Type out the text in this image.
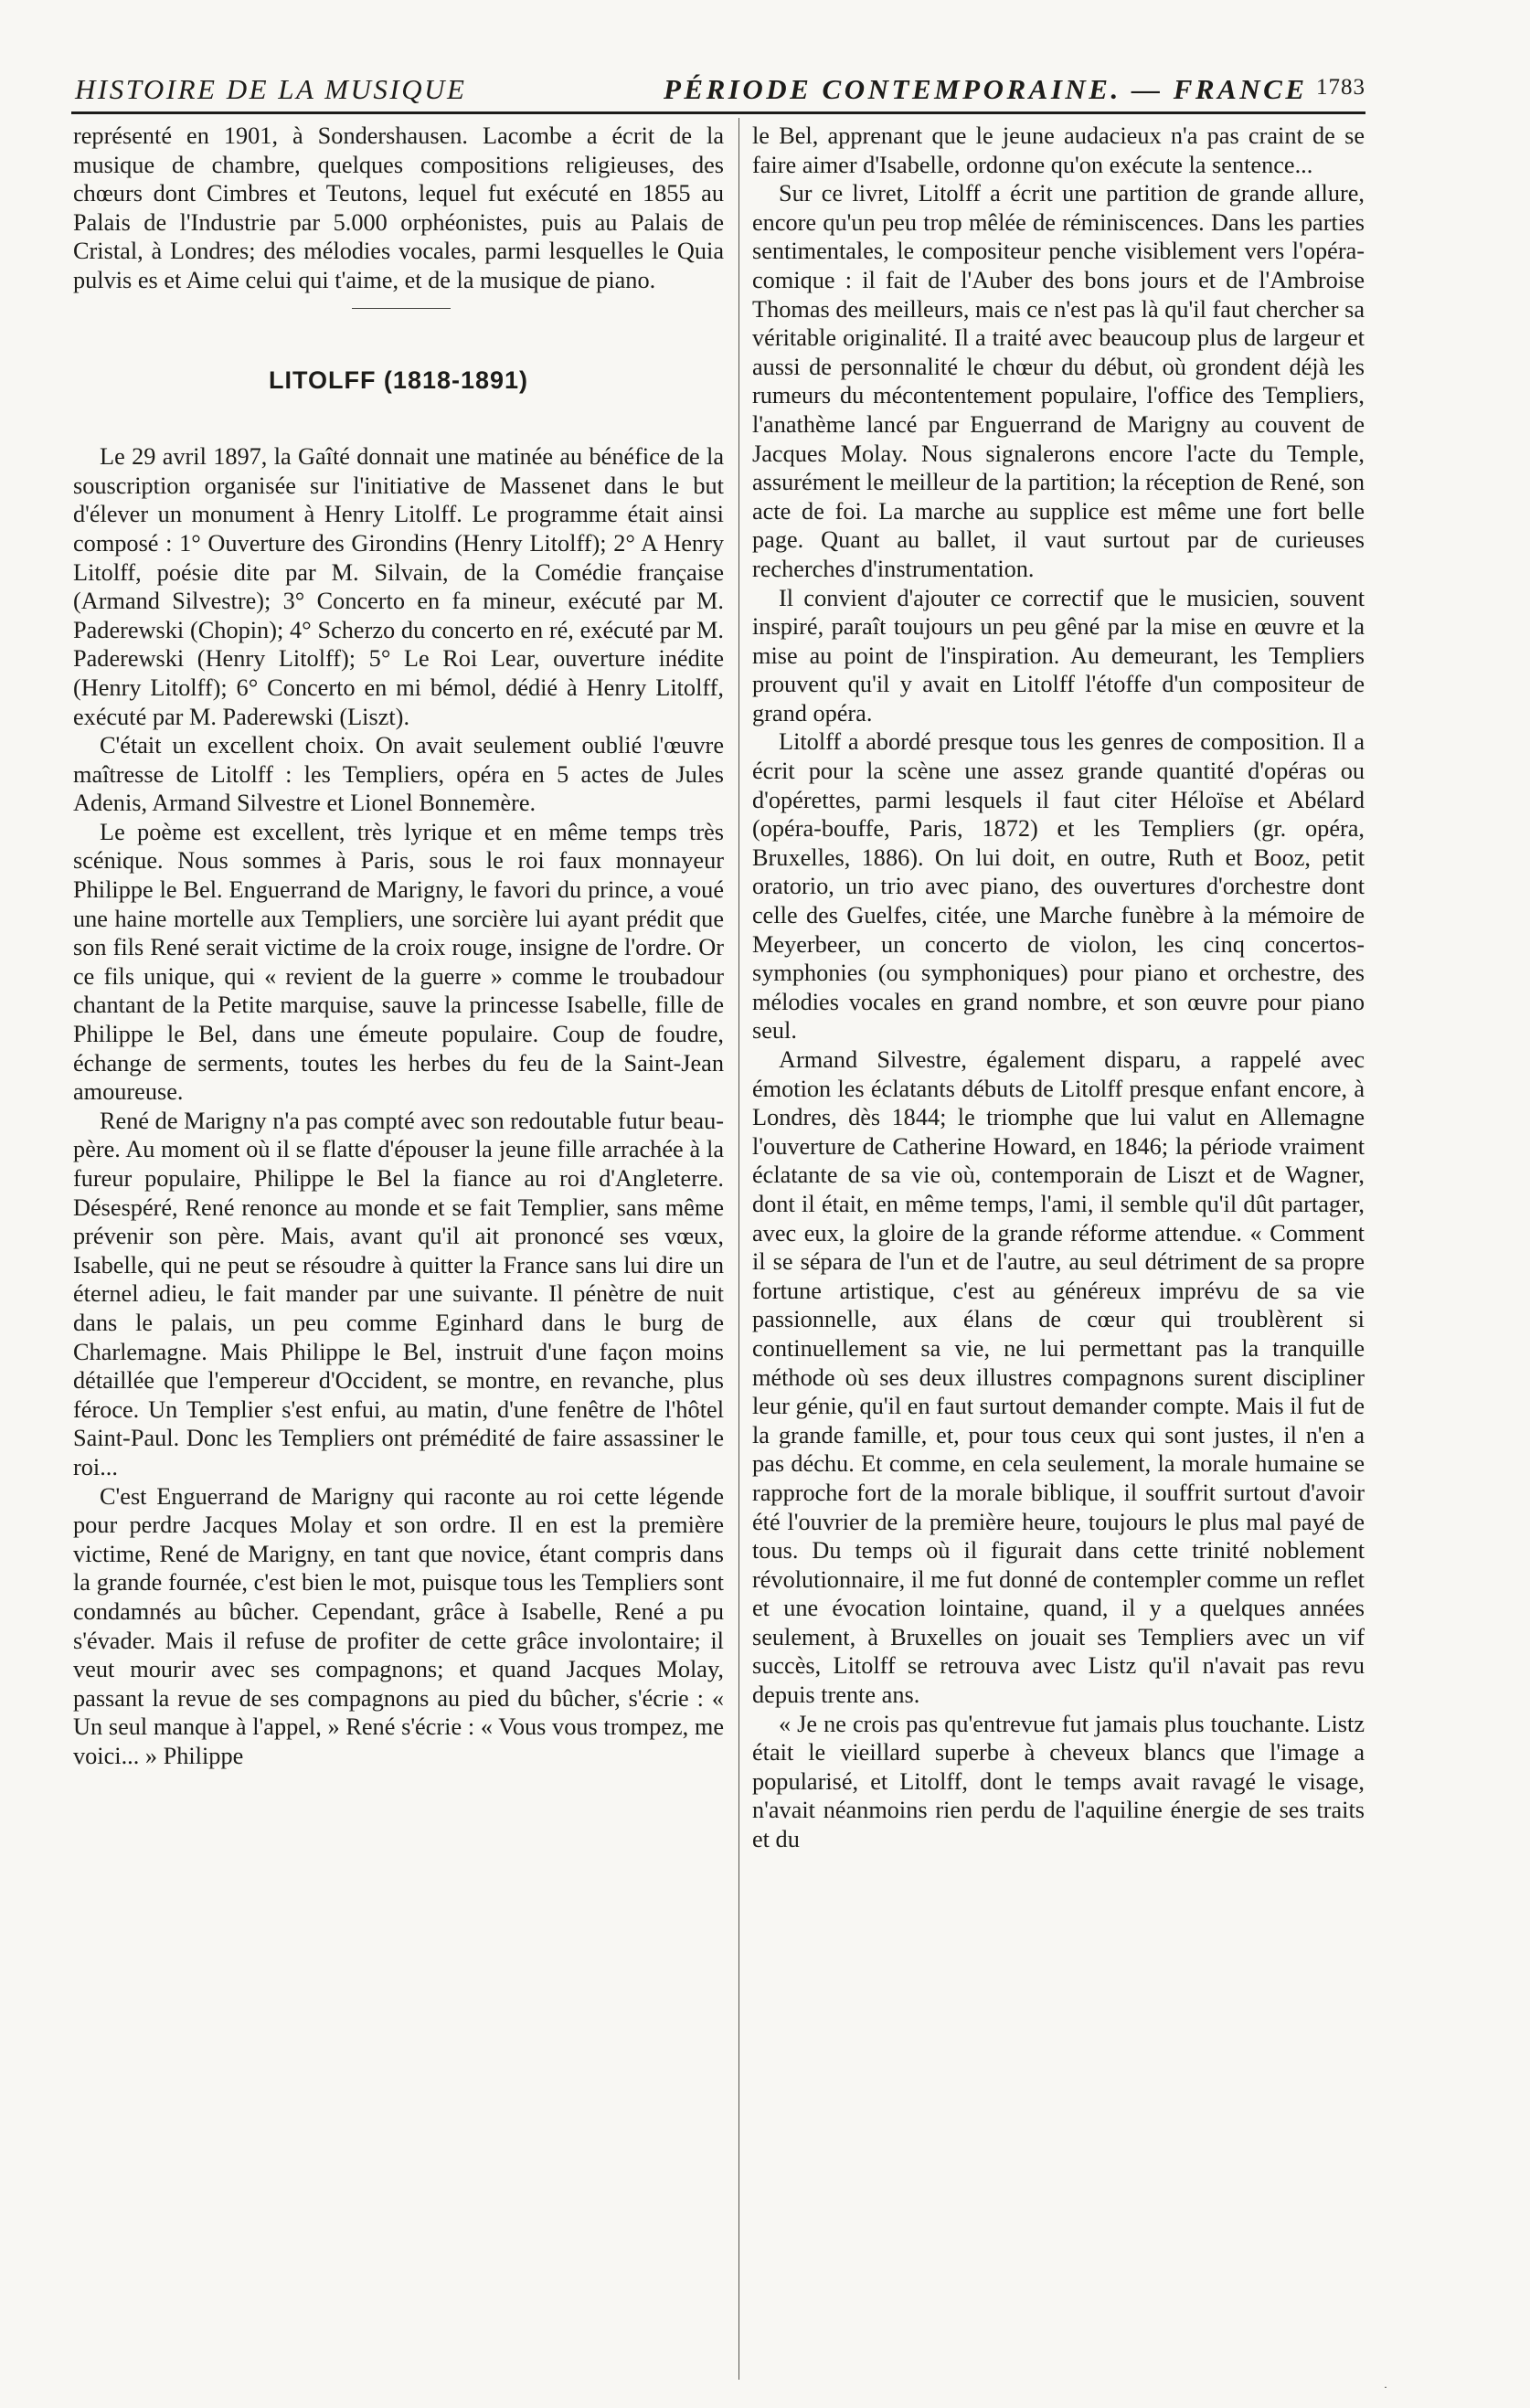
HISTOIRE DE LA MUSIQUE	PÉRIODE CONTEMPORAINE. — FRANCE 1783

représenté en 1901, à Sondershausen. Lacombe a écrit de la musique de chambre, quelques compositions religieuses, des chœurs dont Cimbres et Teutons, lequel fut exécuté en 1855 au Palais de l'Industrie par 5.000 orphéonistes, puis au Palais de Cristal, à Londres; des mélodies vocales, parmi lesquelles le Quia pulvis es et Aime celui qui t'aime, et de la musique de piano.

LITOLFF (1818-1891)

Le 29 avril 1897, la Gaîté donnait une matinée au bénéfice de la souscription organisée sur l'initiative de Massenet dans le but d'élever un monument à Henry Litolff. Le programme était ainsi composé : 1° Ouverture des Girondins (Henry Litolff); 2° A Henry Litolff, poésie dite par M. Silvain, de la Comédie française (Armand Silvestre); 3° Concerto en fa mineur, exécuté par M. Paderewski (Chopin); 4° Scherzo du concerto en ré, exécuté par M. Paderewski (Henry Litolff); 5° Le Roi Lear, ouverture inédite (Henry Litolff); 6° Concerto en mi bémol, dédié à Henry Litolff, exécuté par M. Paderewski (Liszt).

C'était un excellent choix. On avait seulement oublié l'œuvre maîtresse de Litolff : les Templiers, opéra en 5 actes de Jules Adenis, Armand Silvestre et Lionel Bonnemère.

Le poème est excellent, très lyrique et en même temps très scénique. Nous sommes à Paris, sous le roi faux monnayeur Philippe le Bel. Enguerrand de Marigny, le favori du prince, a voué une haine mortelle aux Templiers, une sorcière lui ayant prédit que son fils René serait victime de la croix rouge, insigne de l'ordre. Or ce fils unique, qui « revient de la guerre » comme le troubadour chantant de la Petite marquise, sauve la princesse Isabelle, fille de Philippe le Bel, dans une émeute populaire. Coup de foudre, échange de serments, toutes les herbes du feu de la Saint-Jean amoureuse.

René de Marigny n'a pas compté avec son redoutable futur beau-père. Au moment où il se flatte d'épouser la jeune fille arrachée à la fureur populaire, Philippe le Bel la fiance au roi d'Angleterre. Désespéré, René renonce au monde et se fait Templier, sans même prévenir son père. Mais, avant qu'il ait prononcé ses vœux, Isabelle, qui ne peut se résoudre à quitter la France sans lui dire un éternel adieu, le fait mander par une suivante. Il pénètre de nuit dans le palais, un peu comme Eginhard dans le burg de Charlemagne. Mais Philippe le Bel, instruit d'une façon moins détaillée que l'empereur d'Occident, se montre, en revanche, plus féroce. Un Templier s'est enfui, au matin, d'une fenêtre de l'hôtel Saint-Paul. Donc les Templiers ont prémédité de faire assassiner le roi...

C'est Enguerrand de Marigny qui raconte au roi cette légende pour perdre Jacques Molay et son ordre. Il en est la première victime, René de Marigny, en tant que novice, étant compris dans la grande fournée, c'est bien le mot, puisque tous les Templiers sont condamnés au bûcher. Cependant, grâce à Isabelle, René a pu s'évader. Mais il refuse de profiter de cette grâce involontaire; il veut mourir avec ses compagnons; et quand Jacques Molay, passant la revue de ses compagnons au pied du bûcher, s'écrie : « Un seul manque à l'appel, » René s'écrie : « Vous vous trompez, me voici... » Philippe

le Bel, apprenant que le jeune audacieux n'a pas craint de se faire aimer d'Isabelle, ordonne qu'on exécute la sentence...

Sur ce livret, Litolff a écrit une partition de grande allure, encore qu'un peu trop mêlée de réminiscences. Dans les parties sentimentales, le compositeur penche visiblement vers l'opéra-comique : il fait de l'Auber des bons jours et de l'Ambroise Thomas des meilleurs, mais ce n'est pas là qu'il faut chercher sa véritable originalité. Il a traité avec beaucoup plus de largeur et aussi de personnalité le chœur du début, où grondent déjà les rumeurs du mécontentement populaire, l'office des Templiers, l'anathème lancé par Enguerrand de Marigny au couvent de Jacques Molay. Nous signalerons encore l'acte du Temple, assurément le meilleur de la partition; la réception de René, son acte de foi. La marche au supplice est même une fort belle page. Quant au ballet, il vaut surtout par de curieuses recherches d'instrumentation.

Il convient d'ajouter ce correctif que le musicien, souvent inspiré, paraît toujours un peu gêné par la mise en œuvre et la mise au point de l'inspiration. Au demeurant, les Templiers prouvent qu'il y avait en Litolff l'étoffe d'un compositeur de grand opéra.

Litolff a abordé presque tous les genres de composition. Il a écrit pour la scène une assez grande quantité d'opéras ou d'opérettes, parmi lesquels il faut citer Héloïse et Abélard (opéra-bouffe, Paris, 1872) et les Templiers (gr. opéra, Bruxelles, 1886). On lui doit, en outre, Ruth et Booz, petit oratorio, un trio avec piano, des ouvertures d'orchestre dont celle des Guelfes, citée, une Marche funèbre à la mémoire de Meyerbeer, un concerto de violon, les cinq concertos-symphonies (ou symphoniques) pour piano et orchestre, des mélodies vocales en grand nombre, et son œuvre pour piano seul.

Armand Silvestre, également disparu, a rappelé avec émotion les éclatants débuts de Litolff presque enfant encore, à Londres, dès 1844; le triomphe que lui valut en Allemagne l'ouverture de Catherine Howard, en 1846; la période vraiment éclatante de sa vie où, contemporain de Liszt et de Wagner, dont il était, en même temps, l'ami, il semble qu'il dût partager, avec eux, la gloire de la grande réforme attendue. « Comment il se sépara de l'un et de l'autre, au seul détriment de sa propre fortune artistique, c'est au généreux imprévu de sa vie passionnelle, aux élans de cœur qui troublèrent si continuellement sa vie, ne lui permettant pas la tranquille méthode où ses deux illustres compagnons surent discipliner leur génie, qu'il en faut surtout demander compte. Mais il fut de la grande famille, et, pour tous ceux qui sont justes, il n'en a pas déchu. Et comme, en cela seulement, la morale humaine se rapproche fort de la morale biblique, il souffrit surtout d'avoir été l'ouvrier de la première heure, toujours le plus mal payé de tous. Du temps où il figurait dans cette trinité noblement révolutionnaire, il me fut donné de contempler comme un reflet et une évocation lointaine, quand, il y a quelques années seulement, à Bruxelles on jouait ses Templiers avec un vif succès, Litolff se retrouva avec Listz qu'il n'avait pas revu depuis trente ans.

« Je ne crois pas qu'entrevue fut jamais plus touchante. Listz était le vieillard superbe à cheveux blancs que l'image a popularisé, et Litolff, dont le temps avait ravagé le visage, n'avait néanmoins rien perdu de l'aquiline énergie de ses traits et du

·
